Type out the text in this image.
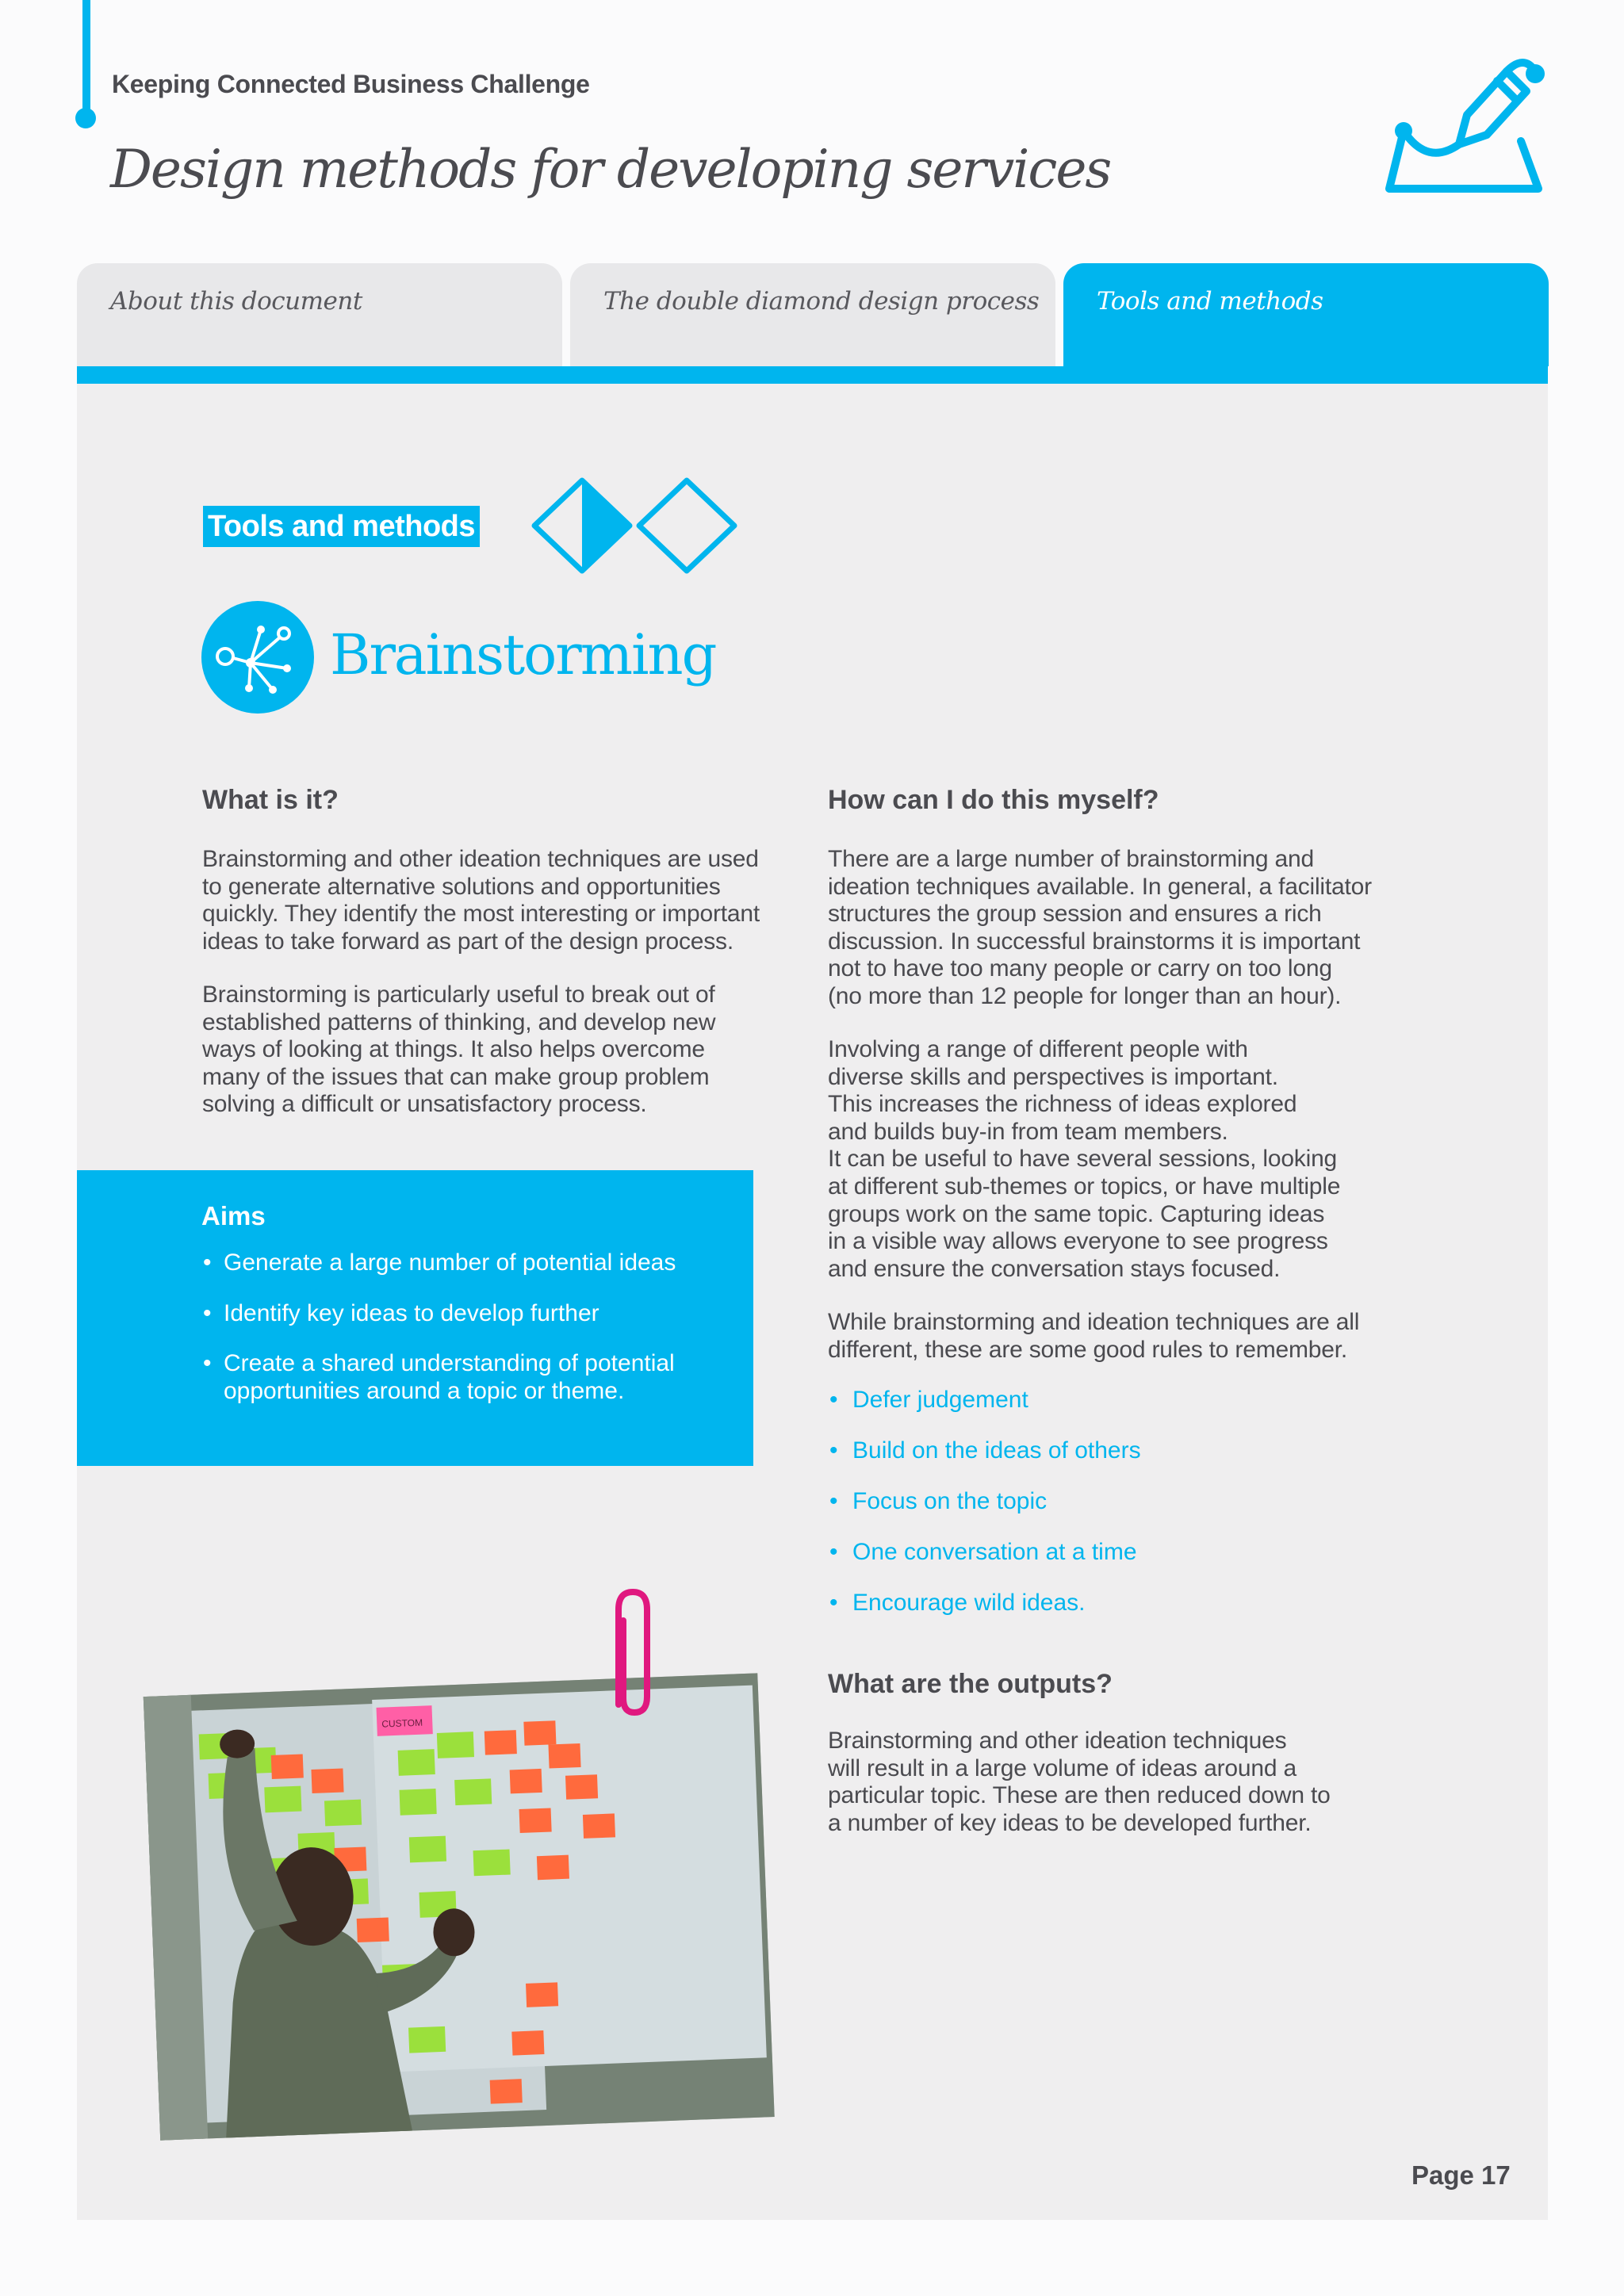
Keeping Connected Business Challenge
Design methods for developing services
About this document	The double diamond design process Tools and methods
Tools and methods
Brainstorming
What is it?
Brainstorming and other ideation techniques are used
to generate alternative solutions and opportunities
quickly. They identify the most interesting or important
ideas to take forward as part of the design process.
Brainstorming is particularly useful to break out of
established patterns of thinking, and develop new
ways of looking at things. It also helps overcome
many of the issues that can make group problem
solving a difficult or unsatisfactory process.
Aims
• Generate a large number of potential ideas
• Identify key ideas to develop further
• Create a shared understanding of potential
opportunities around a topic or theme.
CUSTOM
How can I do this myself?
There are a large number of brainstorming and
ideation techniques available. In general, a facilitator
structures the group session and ensures a rich
discussion. In successful brainstorms it is important
not to have too many people or carry on too long
(no more than 12 people for longer than an hour).
Involving a range of different people with
diverse skills and perspectives is important.
This increases the richness of ideas explored
and builds buy-in from team members.
It can be useful to have several sessions, looking
at different sub-themes or topics, or have multiple
groups work on the same topic. Capturing ideas
in a visible way allows everyone to see progress
and ensure the conversation stays focused.
While brainstorming and ideation techniques are all
different, these are some good rules to remember.
• Defer judgement
• Build on the ideas of others
• Focus on the topic
• One conversation at a time
• Encourage wild ideas.
What are the outputs?
Brainstorming and other ideation techniques
will result in a large volume of ideas around a
particular topic. These are then reduced down to
a number of key ideas to be developed further.
Page 17
